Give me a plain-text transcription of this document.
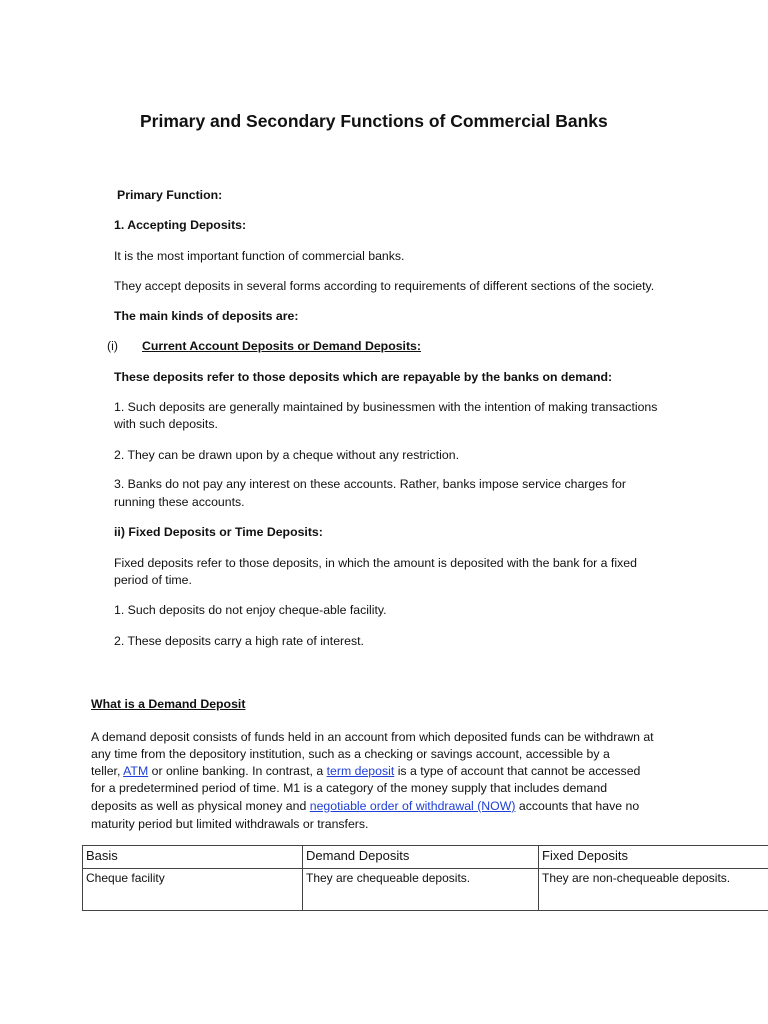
Primary and Secondary Functions of Commercial Banks

Primary Function:

1. Accepting Deposits:

It is the most important function of commercial banks.

They accept deposits in several forms according to requirements of different sections of the society.

The main kinds of deposits are:

(i) Current Account Deposits or Demand Deposits:

These deposits refer to those deposits which are repayable by the banks on demand:

1. Such deposits are generally maintained by businessmen with the intention of making transactions

with such deposits.

2. They can be drawn upon by a cheque without any restriction.

3. Banks do not pay any interest on these accounts. Rather, banks impose service charges for

running these accounts.

ii) Fixed Deposits or Time Deposits:

Fixed deposits refer to those deposits, in which the amount is deposited with the bank for a fixed

period of time.

1. Such deposits do not enjoy cheque-able facility.

2. These deposits carry a high rate of interest.

What is a Demand Deposit

A demand deposit consists of funds held in an account from which deposited funds can be withdrawn at

any time from the depository institution, such as a checking or savings account, accessible by a

teller, ATM or online banking. In contrast, a term deposit is a type of account that cannot be accessed

for a predetermined period of time. M1 is a category of the money supply that includes demand

deposits as well as physical money and negotiable order of withdrawal (NOW) accounts that have no

maturity period but limited withdrawals or transfers.

Basis	Demand Deposits	Fixed Deposits
Cheque facility	They are chequeable deposits.	They are non-chequeable deposits.
